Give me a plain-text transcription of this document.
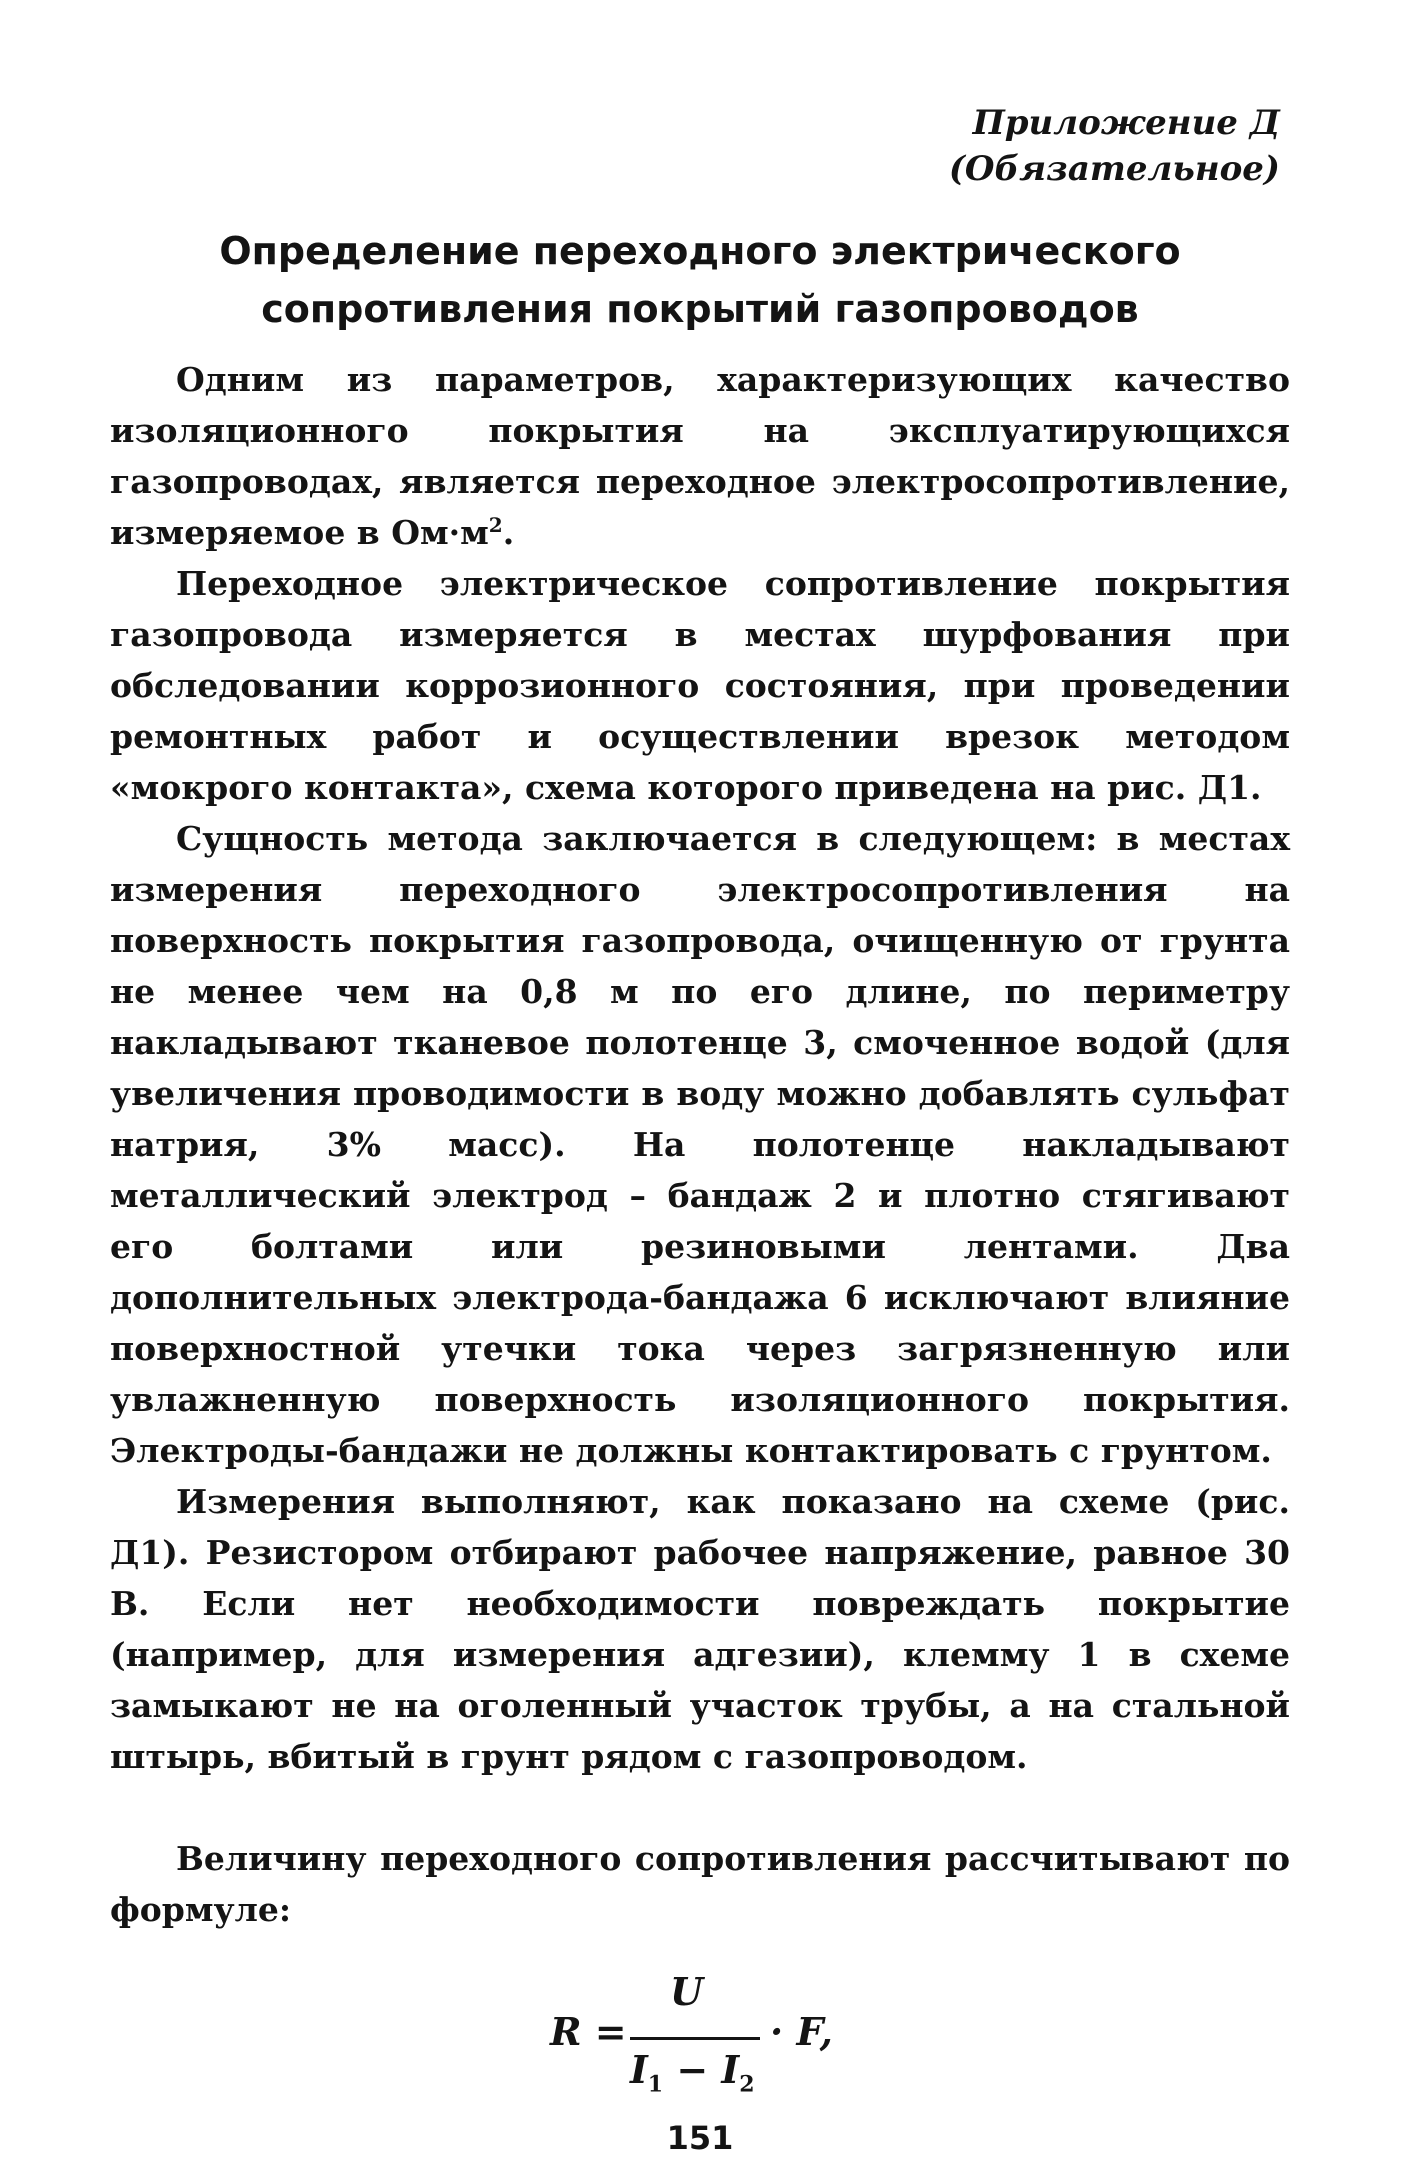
Приложение Д
(Обязательное)
Определение переходного электрического
сопротивления покрытий газопроводов

Одним из параметров, характеризующих качество изоляционного покрытия на эксплуатирующихся газопроводах, является переходное электросопротивление, измеряемое в $Ом\cdot м^2$.

Переходное электрическое сопротивление покрытия газопровода измеряется в местах шурфования при обследовании коррозионного состояния, при проведении ремонтных работ и осуществлении врезок методом «мокрого контакта», схема которого приведена на рис. Д1.

Сущность метода заключается в следующем: в местах измерения переходного электросопротивления на поверхность покрытия газопровода, очищенную от грунта не менее чем на 0,8 м по его длине, по периметру накладывают тканевое полотенце 3, смоченное водой (для увеличения проводимости в воду можно добавлять сульфат натрия, 3% масс). На полотенце накладывают металлический электрод – бандаж 2 и плотно стягивают его болтами или резиновыми лентами. Два дополнительных электрода-бандажа 6 исключают влияние поверхностной утечки тока через загрязненную или увлажненную поверхность изоляционного покрытия. Электроды-бандажи не должны контактировать с грунтом.

Измерения выполняют, как показано на схеме (рис. Д1). Резистором отбирают рабочее напряжение, равное 30 В. Если нет необходимости повреждать покрытие (например, для измерения адгезии), клемму 1 в схеме замыкают не на оголенный участок трубы, а на стальной штырь, вбитый в грунт рядом с газопроводом.

Величину переходного сопротивления рассчитывают по формуле:

R =
U
$I_1 - I_2$
· F,
151
